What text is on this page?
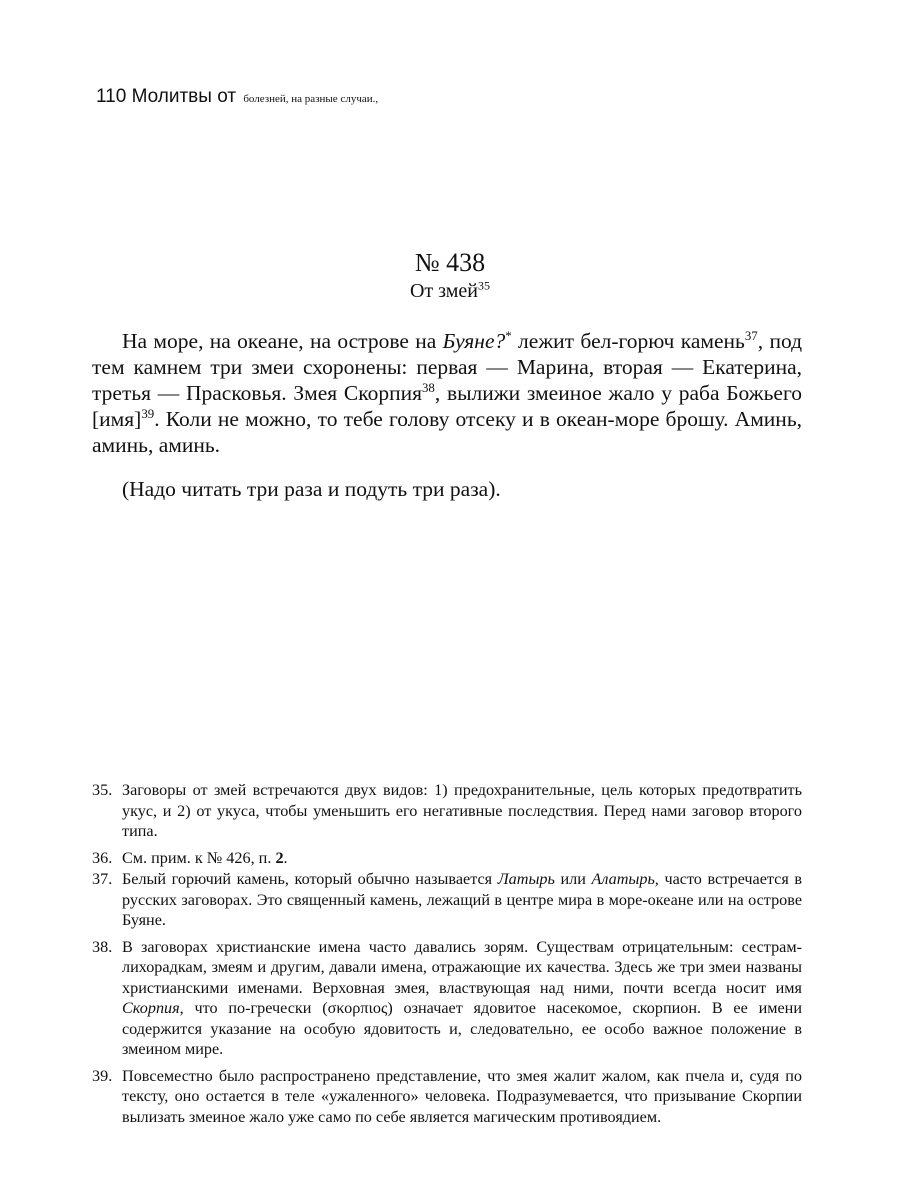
110 Молитвы от болезней, на разные случаи.,
№ 438
От змей$^{35}$

На море, на океане, на острове на Буяне?* лежит бел-горюч камень$^{37}$, под тем камнем три змеи схоронены: первая — Марина, вторая — Екатерина, третья — Прасковья. Змея Скорпия$^{38}$, вылижи змеиное жало у раба Божьего [имя]$^{39}$. Коли не можно, то тебе голову отсеку и в океан-море брошу. Аминь, аминь, аминь.

(Надо читать три раза и подуть три раза).

35. Заговоры от змей встречаются двух видов: 1) предохранительные, цель которых предотвратить укус, и 2) от укуса, чтобы уменьшить его негативные последствия. Перед нами заговор второго типа.
36. См. прим. к № 426, п. 2.
37. Белый горючий камень, который обычно называется Латырь или Алатырь, часто встречается в русских заговорах. Это священный камень, лежащий в центре мира в море-океане или на острове Буяне.
38. В заговорах христианские имена часто давались зорям. Существам отрицательным: сестрам-лихорадкам, змеям и другим, давали имена, отражающие их качества. Здесь же три змеи названы христианскими именами. Верховная змея, властвующая над ними, почти всегда носит имя Скорпия, что по-гречески (σκορπιος) означает ядовитое насекомое, скорпион. В ее имени содержится указание на особую ядовитость и, следовательно, ее особо важное положение в змеином мире.
39. Повсеместно было распространено представление, что змея жалит жалом, как пчела и, судя по тексту, оно остается в теле «ужаленного» человека. Подразумевается, что призывание Скорпии вылизать змеиное жало уже само по себе является магическим противоядием.
